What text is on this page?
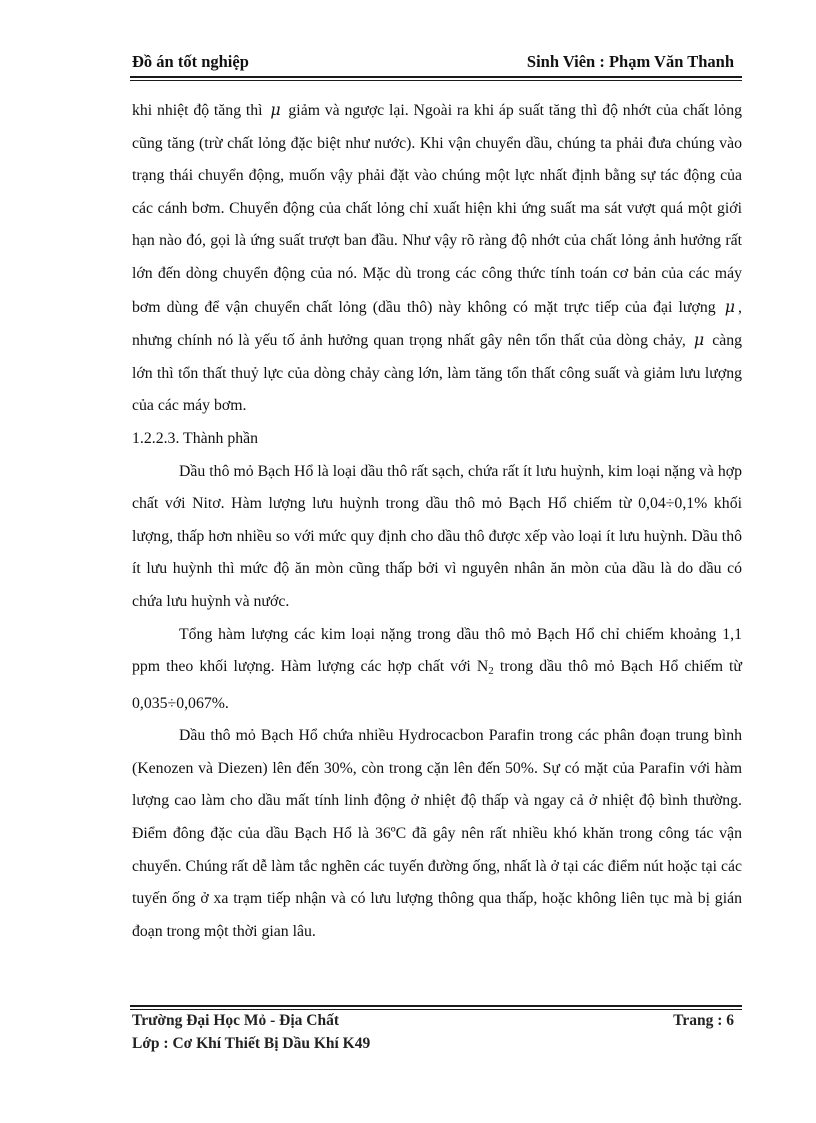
Đồ án tốt nghiệp	Sinh Viên : Phạm Văn Thanh

khi nhiệt độ tăng thì μ giảm và ngược lại. Ngoài ra khi áp suất tăng thì độ nhớt của chất lỏng cũng tăng (trừ chất lỏng đặc biệt như nước). Khi vận chuyển dầu, chúng ta phải đưa chúng vào trạng thái chuyển động, muốn vậy phải đặt vào chúng một lực nhất định bằng sự tác động của các cánh bơm. Chuyển động của chất lỏng chỉ xuất hiện khi ứng suất ma sát vượt quá một giới hạn nào đó, gọi là ứng suất trượt ban đầu. Như vậy rõ ràng độ nhớt của chất lỏng ảnh hưởng rất lớn đến dòng chuyển động của nó. Mặc dù trong các công thức tính toán cơ bản của các máy bơm dùng để vận chuyển chất lỏng (dầu thô) này không có mặt trực tiếp của đại lượng μ , nhưng chính nó là yếu tố ảnh hưởng quan trọng nhất gây nên tổn thất của dòng chảy, μ càng lớn thì tổn thất thuỷ lực của dòng chảy càng lớn, làm tăng tổn thất công suất và giảm lưu lượng của các máy bơm.

1.2.2.3. Thành phần

Dầu thô mỏ Bạch Hổ là loại dầu thô rất sạch, chứa rất ít lưu huỳnh, kim loại nặng và hợp chất với Nitơ. Hàm lượng lưu huỳnh trong dầu thô mỏ Bạch Hổ chiếm từ 0,04÷0,1% khối lượng, thấp hơn nhiều so với mức quy định cho dầu thô được xếp vào loại ít lưu huỳnh. Dầu thô ít lưu huỳnh thì mức độ ăn mòn cũng thấp bởi vì nguyên nhân ăn mòn của dầu là do dầu có chứa lưu huỳnh và nước.

Tổng hàm lượng các kim loại nặng trong dầu thô mỏ Bạch Hổ chỉ chiếm khoảng 1,1 ppm theo khối lượng. Hàm lượng các hợp chất với $N_2$ trong dầu thô mỏ Bạch Hổ chiếm từ 0,035÷0,067%.

Dầu thô mỏ Bạch Hổ chứa nhiều Hydrocacbon Parafin trong các phân đoạn trung bình (Kenozen và Diezen) lên đến 30%, còn trong cặn lên đến 50%. Sự có mặt của Parafin với hàm lượng cao làm cho dầu mất tính linh động ở nhiệt độ thấp và ngay cả ở nhiệt độ bình thường. Điểm đông đặc của dầu Bạch Hổ là 36ºC đã gây nên rất nhiều khó khăn trong công tác vận chuyển. Chúng rất dễ làm tắc nghẽn các tuyến đường ống, nhất là ở tại các điểm nút hoặc tại các tuyến ống ở xa trạm tiếp nhận và có lưu lượng thông qua thấp, hoặc không liên tục mà bị gián đoạn trong một thời gian lâu.

Trường Đại Học Mỏ - Địa Chất	Trang : 6
Lớp : Cơ Khí Thiết Bị Dầu Khí K49
